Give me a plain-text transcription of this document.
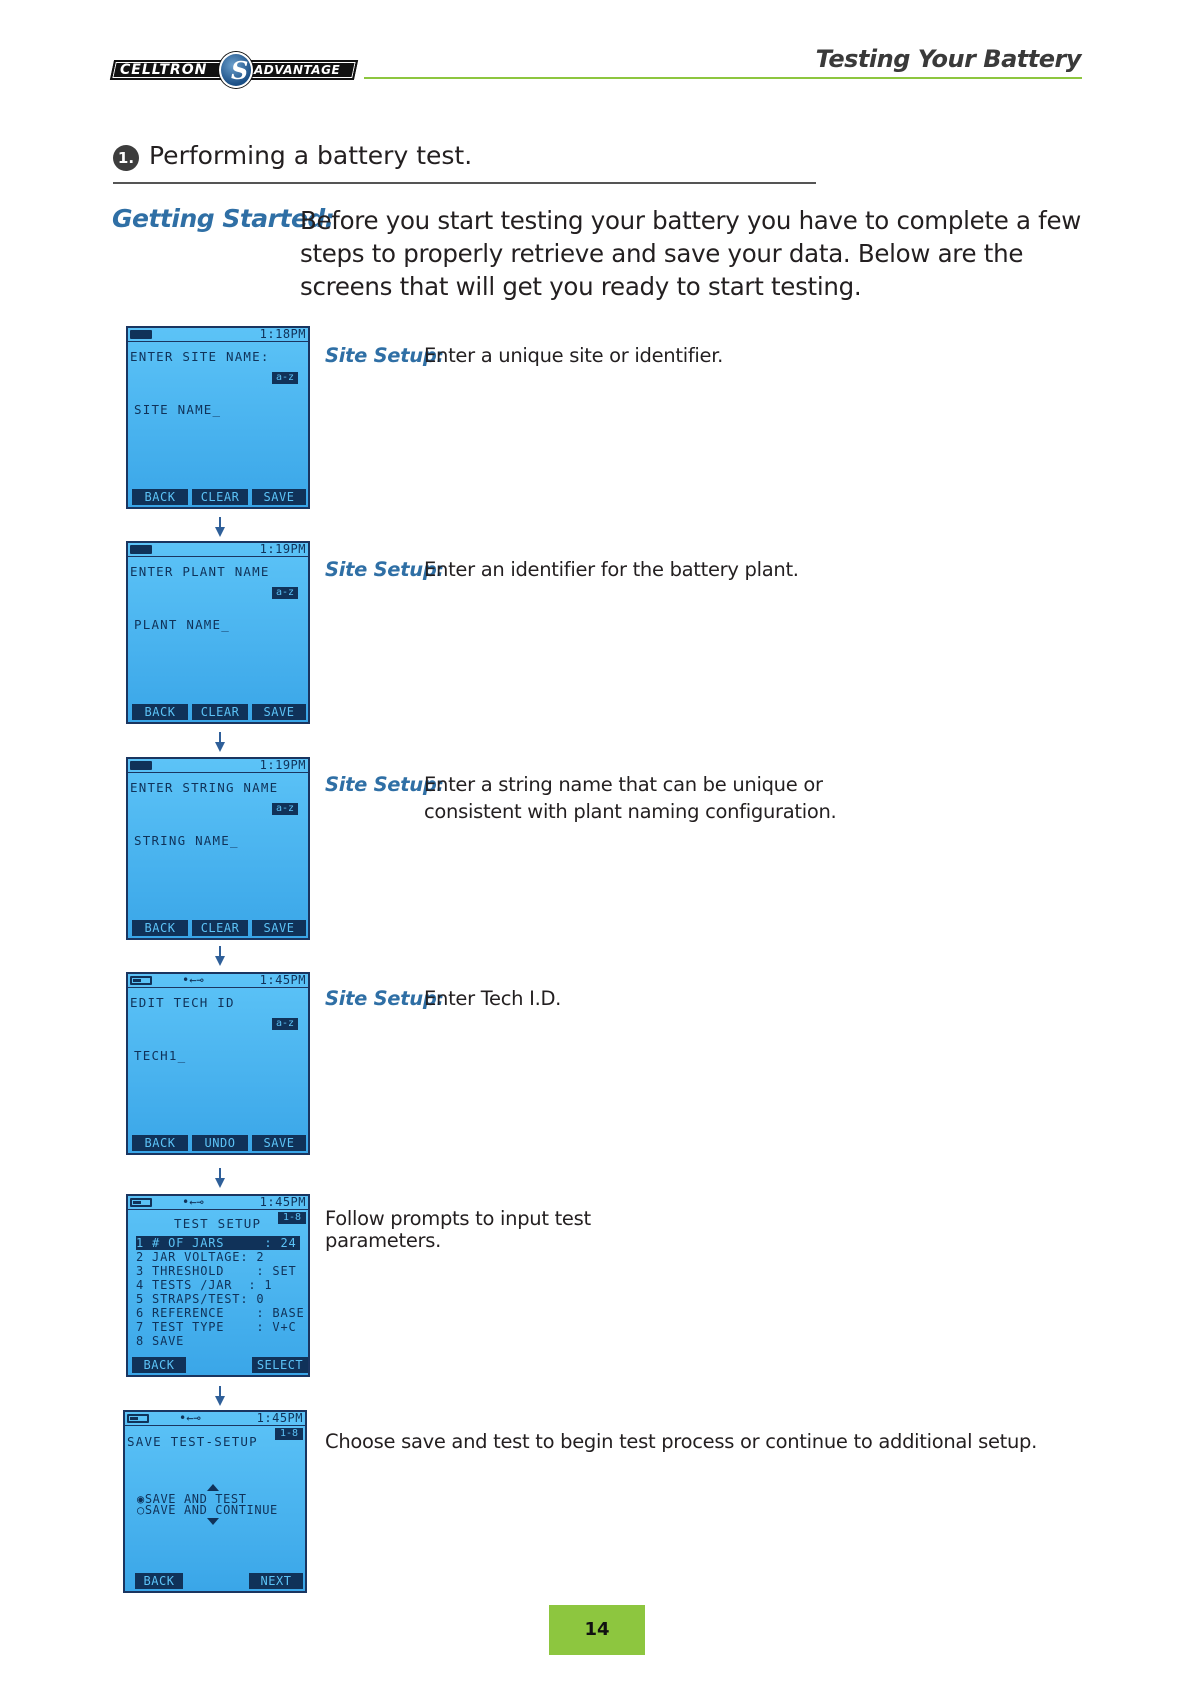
CELLTRON S ADVANTAGE	Testing Your Battery
1. Performing a battery test.
Getting Started:
Before you start testing your battery you have to complete a few steps to properly retrieve and save your data. Below are the screens that will get you ready to start testing.
1:18PM
ENTER SITE NAME:
a-z
SITE NAME_
BACK	CLEAR	SAVE
Site Setup:
Enter a unique site or identifier.
1:19PM
ENTER PLANT NAME
a-z
PLANT NAME_
BACK	CLEAR	SAVE
Site Setup:
Enter an identifier for the battery plant.
1:19PM
ENTER STRING NAME
a-z
STRING NAME_
BACK	CLEAR	SAVE
Site Setup:
Enter a string name that can be unique or consistent with plant naming configuration.
•←⊸	1:45PM
EDIT TECH ID
a-z
TECH1_
BACK	UNDO	SAVE
Site Setup:
Enter Tech I.D.
•←⊸	1:45PM
1-8
TEST SETUP
1 # OF JARS     : 24
2 JAR VOLTAGE: 2
3 THRESHOLD    : SET
4 TESTS /JAR  : 1
5 STRAPS/TEST: 0
6 REFERENCE    : BASE
7 TEST TYPE    : V+C
8 SAVE
BACK	SELECT
Follow prompts to input test parameters.
•←⊸	1:45PM
1-8
SAVE TEST-SETUP
◉SAVE AND TEST
○SAVE AND CONTINUE
BACK	NEXT
Choose save and test to begin test process or continue to additional setup.
14
